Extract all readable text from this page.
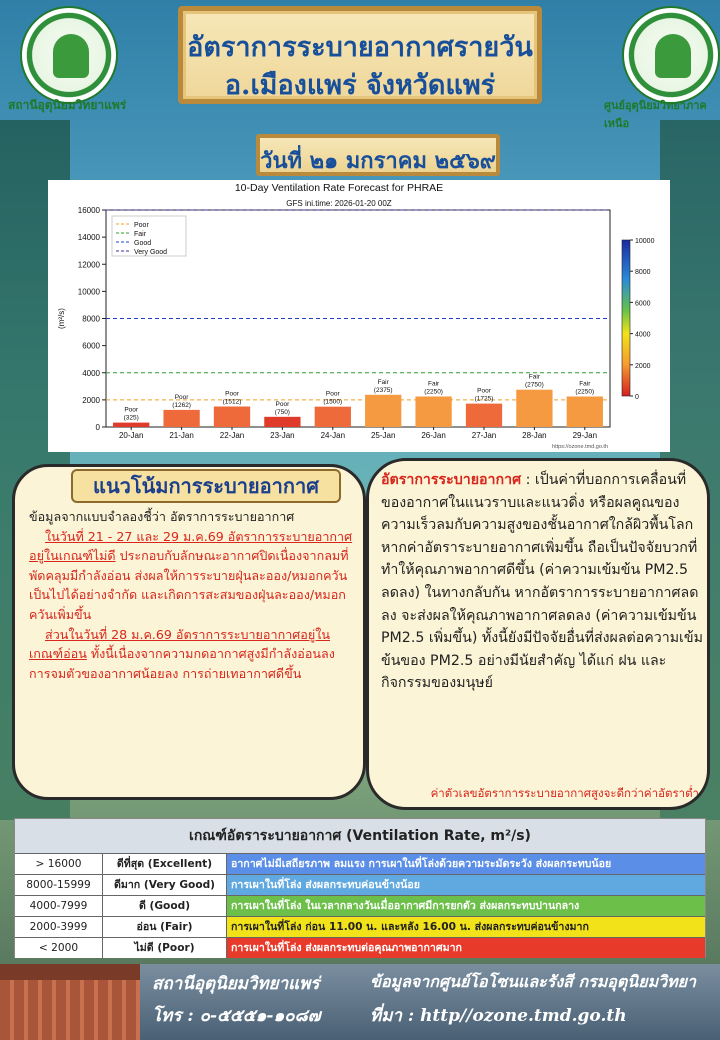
สถานีอุตุนิยมวิทยาแพร่	ศูนย์อุตุนิยมวิทยาภาคเหนือ
อัตราการระบายอากาศรายวัน
อ.เมืองแพร่ จังหวัดแพร่
วันที่ ๒๑ มกราคม ๒๕๖๙
10-Day Ventilation Rate Forecast for PHRAE
GFS ini.time: 2026-01-20 00Z
0
2000
4000
6000
8000
10000
12000
14000
16000
(m²/s)
Poor
Fair
Good
Very Good
Poor
(325)
20-Jan
Poor
(1262)
21-Jan
Poor
(1512)
22-Jan
Poor
(750)
23-Jan
Poor
(1500)
24-Jan
Fair
(2375)
25-Jan
Fair
(2250)
26-Jan
Poor
(1725)
27-Jan
Fair
(2750)
28-Jan
Fair
(2250)
29-Jan
0
2000
4000
6000
8000
10000
https://ozone.tmd.go.th
แนวโน้มการระบายอากาศ

ข้อมูลจากแบบจำลองชี้ว่า อัตราการระบายอากาศ

ในวันที่ 21 - 27 และ 29 ม.ค.69 อัตราการระบายอากาศอยู่ในเกณฑ์ไม่ดี ประกอบกับลักษณะอากาศปิดเนื่องจากลมที่พัดคลุมมีกำลังอ่อน ส่งผลให้การระบายฝุ่นละออง/หมอกควันเป็นไปได้อย่างจำกัด และเกิดการสะสมของฝุ่นละออง/หมอกควันเพิ่มขึ้น

ส่วนในวันที่ 28 ม.ค.69 อัตราการระบายอากาศอยู่ในเกณฑ์อ่อน ทั้งนี้เนื่องจากความกดอากาศสูงมีกำลังอ่อนลง การจมตัวของอากาศน้อยลง การถ่ายเทอากาศดีขึ้น

อัตราการระบายอากาศ : เป็นค่าที่บอกการเคลื่อนที่ของอากาศในแนวราบและแนวดิ่ง หรือผลคูณของความเร็วลมกับความสูงของชั้นอากาศใกล้ผิวพื้นโลก หากค่าอัตราระบายอากาศเพิ่มขึ้น ถือเป็นปัจจัยบวกที่ทำให้คุณภาพอากาศดีขึ้น (ค่าความเข้มข้น PM2.5 ลดลง) ในทางกลับกัน หากอัตราการระบายอากาศลดลง จะส่งผลให้คุณภาพอากาศลดลง (ค่าความเข้มข้น PM2.5 เพิ่มขึ้น) ทั้งนี้ยังมีปัจจัยอื่นที่ส่งผลต่อความเข้มข้นของ PM2.5 อย่างมีนัยสำคัญ ได้แก่ ฝน และกิจกรรมของมนุษย์
ค่าตัวเลขอัตราการระบายอากาศสูงจะดีกว่าค่าอัตราต่ำ
เกณฑ์อัตราระบายอากาศ (Ventilation Rate, m²/s)
> 16000	ดีที่สุด (Excellent)	อากาศไม่มีเสถียรภาพ ลมแรง การเผาในที่โล่งด้วยความระมัดระวัง ส่งผลกระทบน้อย
8000-15999	ดีมาก (Very Good)	การเผาในที่โล่ง ส่งผลกระทบค่อนข้างน้อย
4000-7999	ดี (Good)	การเผาในที่โล่ง ในเวลากลางวันเมื่ออากาศมีการยกตัว ส่งผลกระทบปานกลาง
2000-3999	อ่อน (Fair)	การเผาในที่โล่ง ก่อน 11.00 น. และหลัง 16.00 น. ส่งผลกระทบค่อนข้างมาก
< 2000	ไม่ดี (Poor)	การเผาในที่โล่ง ส่งผลกระทบต่อคุณภาพอากาศมาก
สถานีอุตุนิยมวิทยาแพร่
โทร : ๐-๕๕๕๑-๑๐๘๗
ข้อมูลจากศูนย์โอโซนและรังสี กรมอุตุนิยมวิทยา
ที่มา : http//ozone.tmd.go.th
